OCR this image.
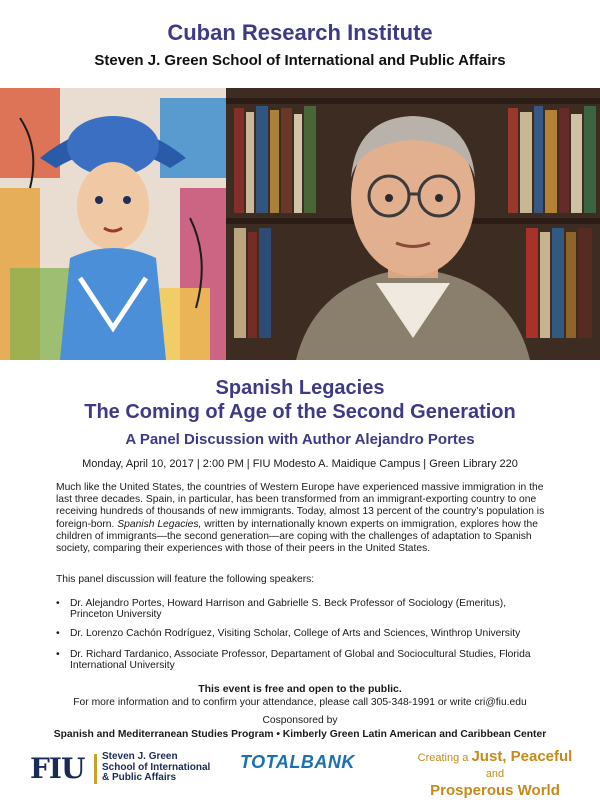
Cuban Research Institute
Steven J. Green School of International and Public Affairs
Spanish Legacies
The Coming of Age of the Second Generation
A Panel Discussion with Author Alejandro Portes
Monday, April 10, 2017 | 2:00 PM | FIU Modesto A. Maidique Campus | Green Library 220
Much like the United States, the countries of Western Europe have experienced massive immigration in the last three decades. Spain, in particular, has been transformed from an immigrant-exporting country to one receiving hundreds of thousands of new immigrants. Today, almost 13 percent of the country’s population is foreign-born. Spanish Legacies, written by internationally known experts on immigration, explores how the children of immigrants—the second generation—are coping with the challenges of adaptation to Spanish society, comparing their experiences with those of their peers in the United States.
This panel discussion will feature the following speakers:
• Dr. Alejandro Portes, Howard Harrison and Gabrielle S. Beck Professor of Sociology (Emeritus), Princeton University
• Dr. Lorenzo Cachón Rodríguez, Visiting Scholar, College of Arts and Sciences, Winthrop University
• Dr. Richard Tardanico, Associate Professor, Departament of Global and Sociocultural Studies, Florida International University
This event is free and open to the public.
For more information and to confirm your attendance, please call 305-348-1991 or write cri@fiu.edu
Cosponsored by
Spanish and Mediterranean Studies Program • Kimberly Green Latin American and Caribbean Center
FIU Steven J. Green
School of International
& Public Affairs
TOTALBANK	Creating a Just, Peaceful and
Prosperous World
